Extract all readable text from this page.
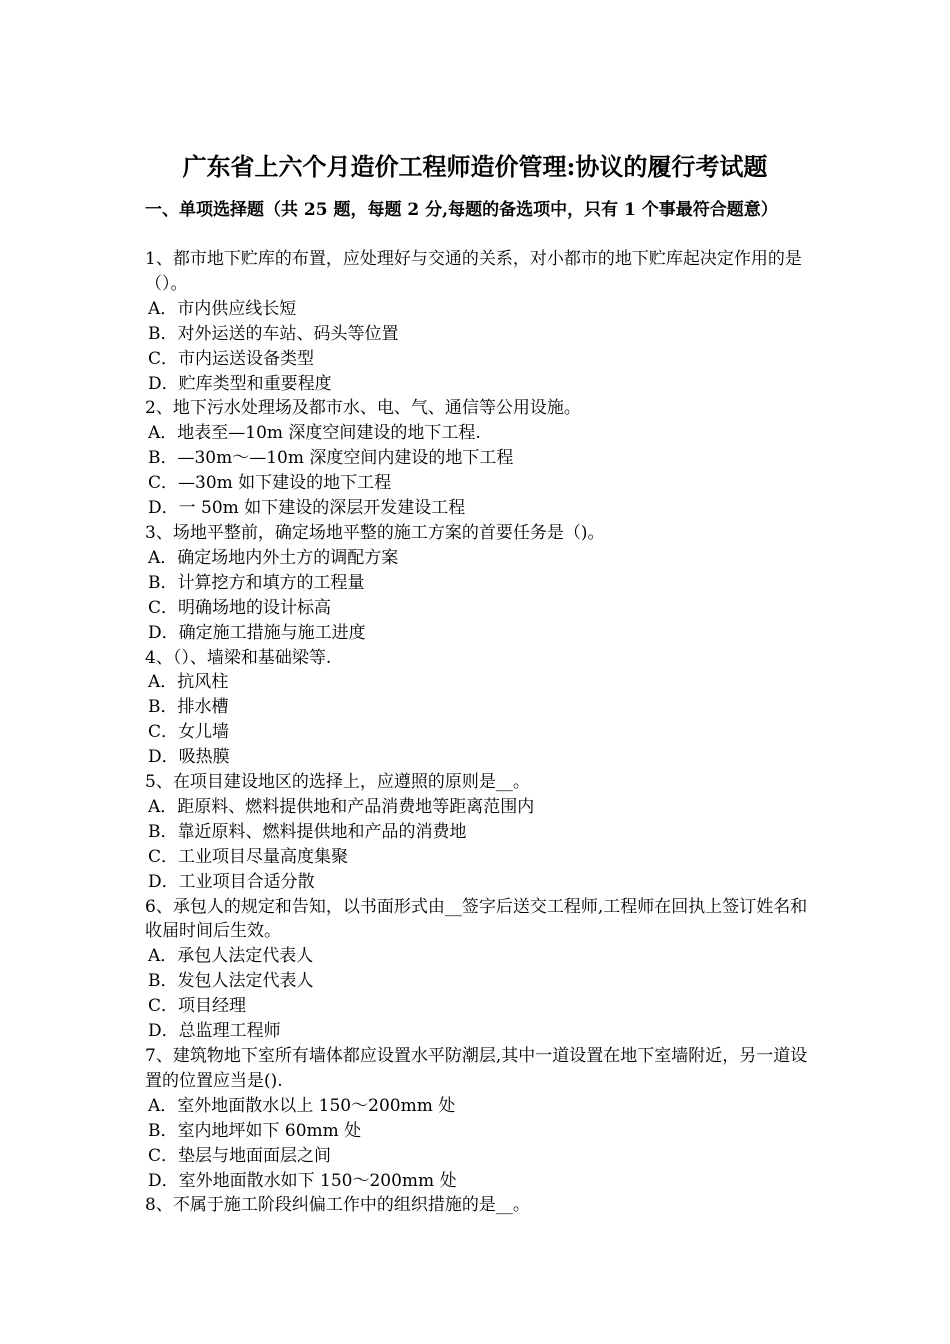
广东省上六个月造价工程师造价管理:协议的履行考试题
一、单项选择题（共 25 题，每题 2 分,每题的备选项中，只有 1 个事最符合题意）
1、都市地下贮库的布置，应处理好与交通的关系，对小都市的地下贮库起决定作用的是（）。
A．市内供应线长短
B．对外运送的车站、码头等位置
C．市内运送设备类型
D．贮库类型和重要程度
2、地下污水处理场及都市水、电、气、通信等公用设施。
A．地表至—10m 深度空间建设的地下工程.
B．—30m～—10m 深度空间内建设的地下工程
C．—30m 如下建设的地下工程
D．一 50m 如下建设的深层开发建设工程
3、场地平整前，确定场地平整的施工方案的首要任务是（)。
A．确定场地内外土方的调配方案
B．计算挖方和填方的工程量
C．明确场地的设计标高
D．确定施工措施与施工进度
4、（）、墙梁和基础梁等.
A．抗风柱
B．排水槽
C．女儿墙
D．吸热膜
5、在项目建设地区的选择上，应遵照的原则是__。
A．距原料、燃料提供地和产品消费地等距离范围内
B．靠近原料、燃料提供地和产品的消费地
C．工业项目尽量高度集聚
D．工业项目合适分散
6、承包人的规定和告知，以书面形式由__签字后送交工程师,工程师在回执上签订姓名和收届时间后生效。
A．承包人法定代表人
B．发包人法定代表人
C．项目经理
D．总监理工程师
7、建筑物地下室所有墙体都应设置水平防潮层,其中一道设置在地下室墙附近，另一道设置的位置应当是().
A．室外地面散水以上 150～200mm 处
B．室内地坪如下 60mm 处
C．垫层与地面面层之间
D．室外地面散水如下 150～200mm 处
8、不属于施工阶段纠偏工作中的组织措施的是__。
